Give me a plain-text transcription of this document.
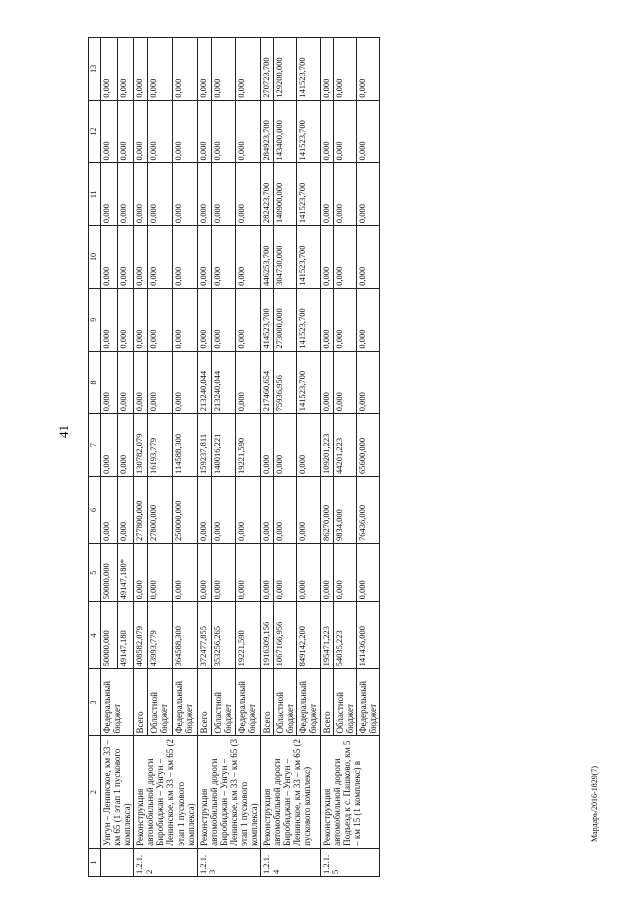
41
Мардарь/2016-1829(7)
1	2	3	4	5	6	7	8	9	10	11	12	13
	Унгун – Ленинское, км 33 – км 65 (1 этап 1 пускового комплекса)	Федеральный бюджет	50000,000	50000,000	0,000	0,000	0,000	0,000	0,000	0,000	0,000	0,000
			49147,180	49147,180*	0,000	0,000	0,000	0,000	0,000	0,000	0,000	0,000
1.2.1.2	Реконструкция автомобильной дороги Биробиджан – Унгун – Ленинское, км 33 – км 65 (2 этап 1 пускового комплекса)	Всего	408582,079	0,000	277800,000	130782,079	0,000	0,000	0,000	0,000	0,000	0,000
		Областной бюджет	43993,779	0,000	27800,000	16193,779	0,000	0,000	0,000	0,000	0,000	0,000
		Федеральный бюджет	364588,300	0,000	250000,000	114588,300	0,000	0,000	0,000	0,000	0,000	0,000
1.2.1.3	Реконструкция автомобильной дороги Биробиджан – Унгун – Ленинское, км 33 – км 65 (3 этап 1 пускового комплекса)	Всего	372477,855	0,000	0,000	159237,811	213240,044	0,000	0,000	0,000	0,000	0,000
		Областной бюджет	353256,265	0,000	0,000	140016,221	213240,044	0,000	0,000	0,000	0,000	0,000
		Федеральный бюджет	19221,590	0,000	0,000	19221,590	0,000	0,000	0,000	0,000	0,000	0,000
1.2.1.4	Реконструкция автомобильной дороги Биробиджан – Унгун – Ленинское, км 33 – км 65 (2 пускового комплекс)	Всего	1916309,156	0,000	0,000	0,000	217460,654	414523,700	446253,700	282423,700	284923,700	270723,700
		Областной бюджет	1067166,956	0,000	0,000	0,000	75936,956	273000,000	304730,000	140900,000	143400,000	129200,000
		Федеральный бюджет	849142,200	0,000	0,000	0,000	141523,700	141523,700	141523,700	141523,700	141523,700	141523,700
1.2.1.5	Реконструкция автомобильной дороги Подъезд к с. Пашково, км 5 – км 15 (1 комплекс) в	Всего	195471,223	0,000	86270,000	109201,223	0,000	0,000	0,000	0,000	0,000	0,000
		Областной бюджет	54035,223	0,000	9834,000	44201,223	0,000	0,000	0,000	0,000	0,000	0,000
		Федеральный бюджет	141436,000	0,000	76436,000	65600,000	0,000	0,000	0,000	0,000	0,000	0,000
